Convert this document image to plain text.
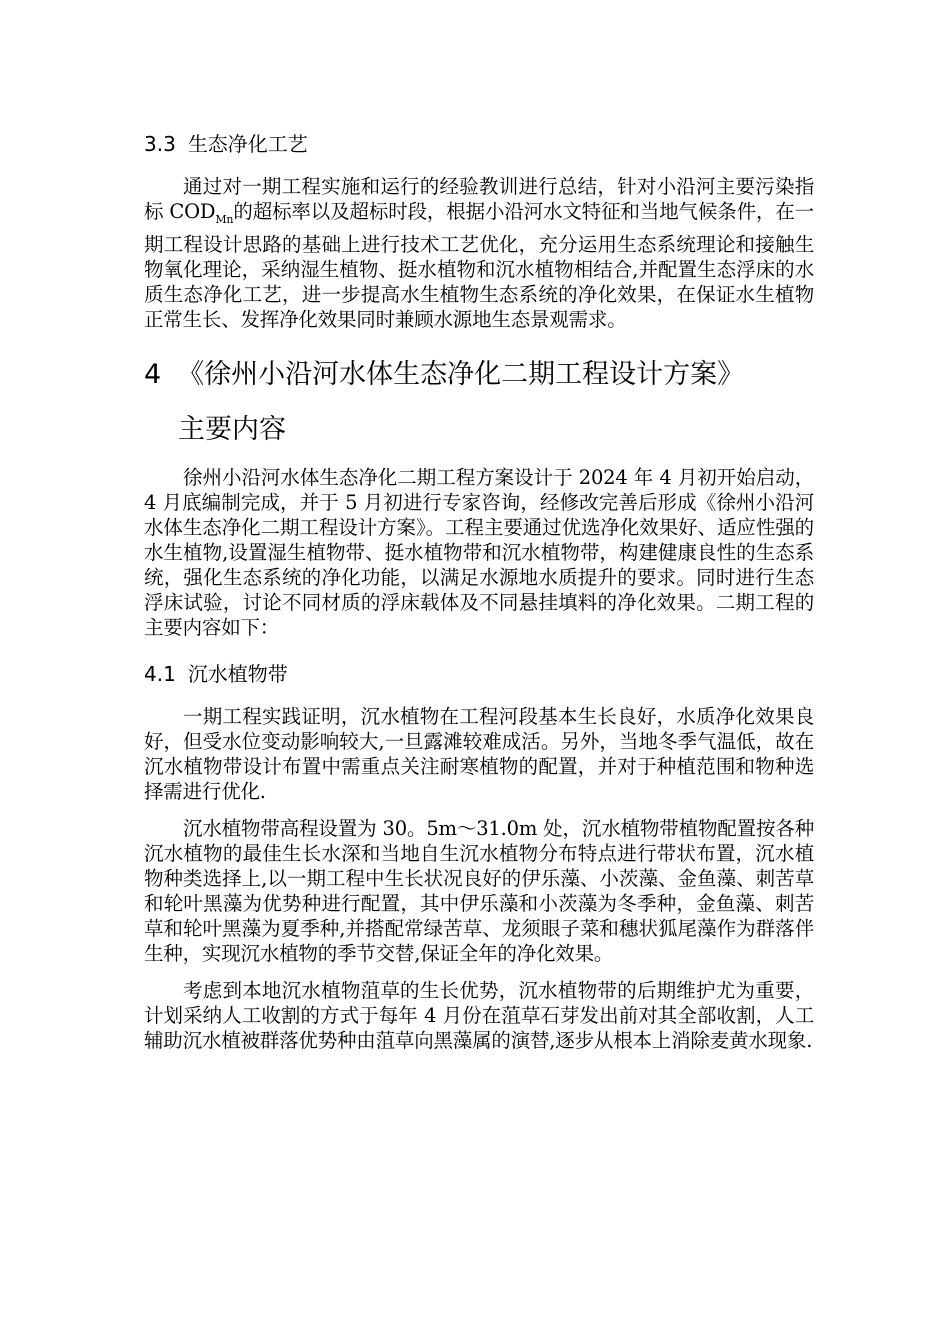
3.3 生态净化工艺

通过对一期工程实施和运行的经验教训进行总结，针对小沿河主要污染指标 $COD_{Mn}$的超标率以及超标时段，根据小沿河水文特征和当地气候条件，在一期工程设计思路的基础上进行技术工艺优化，充分运用生态系统理论和接触生物氧化理论，采纳湿生植物、挺水植物和沉水植物相结合,并配置生态浮床的水质生态净化工艺，进一步提高水生植物生态系统的净化效果，在保证水生植物正常生长、发挥净化效果同时兼顾水源地生态景观需求。

4 《徐州小沿河水体生态净化二期工程设计方案》
主要内容

徐州小沿河水体生态净化二期工程方案设计于 2024 年 4 月初开始启动，4 月底编制完成，并于 5 月初进行专家咨询，经修改完善后形成《徐州小沿河水体生态净化二期工程设计方案》。工程主要通过优选净化效果好、适应性强的水生植物,设置湿生植物带、挺水植物带和沉水植物带，构建健康良性的生态系统，强化生态系统的净化功能，以满足水源地水质提升的要求。同时进行生态浮床试验，讨论不同材质的浮床载体及不同悬挂填料的净化效果。二期工程的主要内容如下：

4.1 沉水植物带

一期工程实践证明，沉水植物在工程河段基本生长良好，水质净化效果良好，但受水位变动影响较大,一旦露滩较难成活。另外，当地冬季气温低，故在沉水植物带设计布置中需重点关注耐寒植物的配置，并对于种植范围和物种选择需进行优化.

沉水植物带高程设置为 30。5m～31.0m 处，沉水植物带植物配置按各种沉水植物的最佳生长水深和当地自生沉水植物分布特点进行带状布置，沉水植物种类选择上,以一期工程中生长状况良好的伊乐藻、小茨藻、金鱼藻、刺苦草和轮叶黑藻为优势种进行配置，其中伊乐藻和小茨藻为冬季种，金鱼藻、刺苦草和轮叶黑藻为夏季种,并搭配常绿苦草、龙须眼子菜和穗状狐尾藻作为群落伴生种，实现沉水植物的季节交替,保证全年的净化效果。

考虑到本地沉水植物菹草的生长优势，沉水植物带的后期维护尤为重要，计划采纳人工收割的方式于每年 4 月份在菹草石芽发出前对其全部收割，人工辅助沉水植被群落优势种由菹草向黑藻属的演替,逐步从根本上消除麦黄水现象.
